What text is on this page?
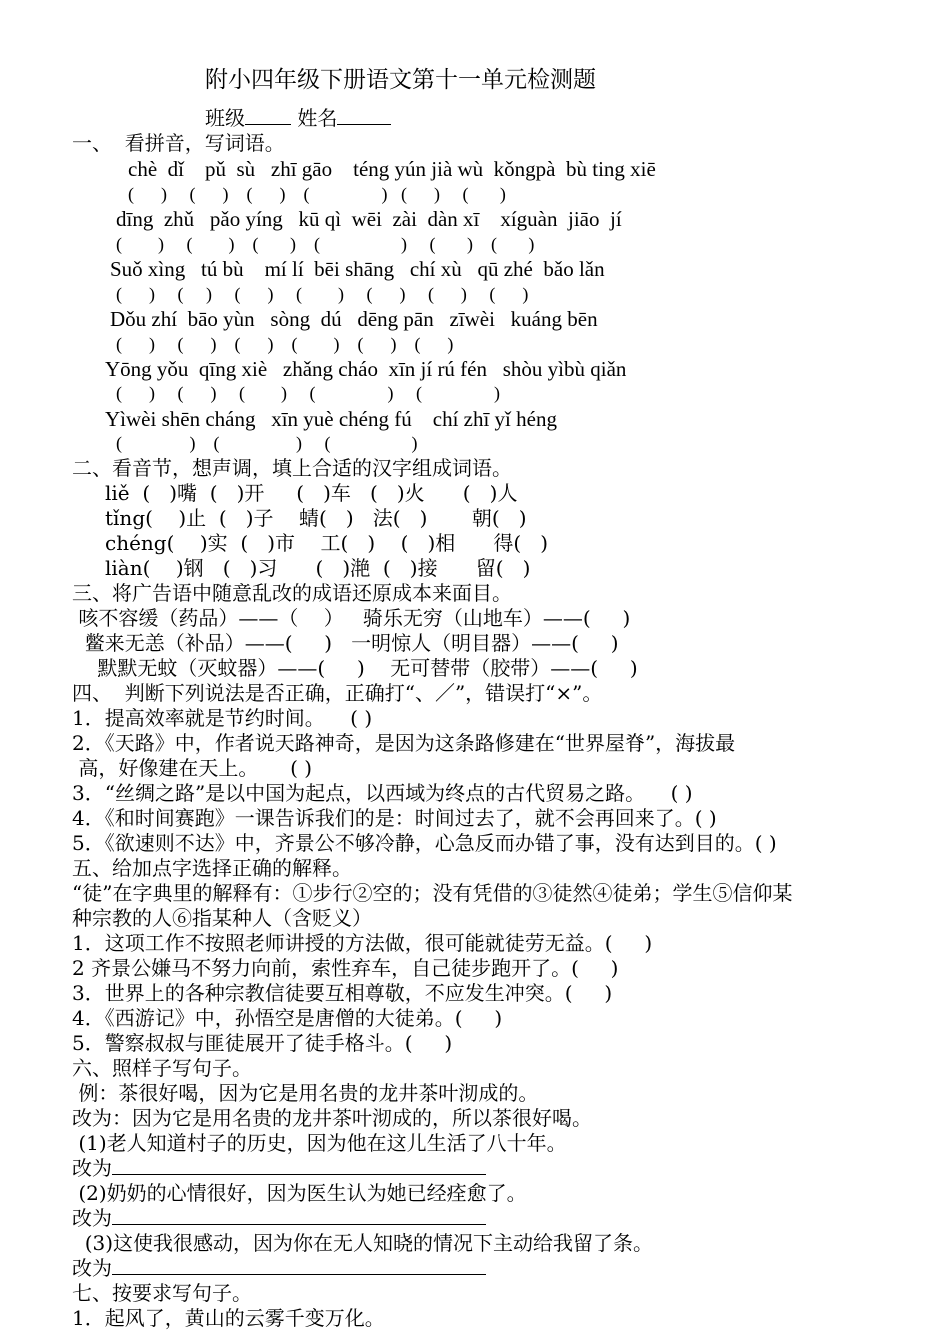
附小四年级下册语文第十一单元检测题
班级	姓名
一、  看拼音，写词语。
chè  dǐ    pǔ  sù   zhī gāo    téng yún jià wù  kǒngpà  bù ting xiē
(      )     (      )    (      )    (                )   (      )     (       )
dīng  zhǔ   pǎo yíng   kū qì  wēi  zài  dàn xī    xíguàn  jiāo  jí
(        )     (        )    (       )    (                  )     (       )    (       )
Suǒ xìng   tú bù    mí lí  bēi shāng   chí xù   qū zhé  bǎo lǎn
(      )     (     )     (      )     (        )     (      )     (      )     (      )
Dǒu zhí  bāo yùn   sòng  dú   dēng pān   zīwèi   kuáng bēn
(      )     (      )    (      )    (        )    (      )    (      )
Yōng yǒu  qīng xiè   zhǎng cháo  xīn jí rú fén   shòu yìbù qiǎn
(      )     (      )     (        )     (                )     (                )
Yìwèi shēn cháng   xīn yuè chéng fú    chí zhī yǐ héng
(               )    (                 )     (                  )
二、看音节，想声调，填上合适的汉字组成词语。
liě  (   )嘴  (   )开     (   )车   (   )火      (   )人
tǐng(    )止  (   )子    蜻(   )   法(   )       朝(   )
chéng(    )实  (   )市    工(   )    (   )相      得(   )
liàn(    )钢   (   )习      (   )滟  (   )接      留(   )
三、将广告语中随意乱改的成语还原成本来面目。
咳不容缓（药品）——（    ）   骑乐无穷（山地车）——(     )
鳖来无恙（补品）——(     )   一明惊人（明目器）——(     )
默默无蚊（灭蚊器）——(     )    无可替带（胶带）——(     )
四、  判断下列说法是否正确，正确打“、／”，错误打“×”。
1．提高效率就是节约时间。    ( )
2．《天路》中，作者说天路神奇，是因为这条路修建在“世界屋脊”，海拔最
高，好像建在天上。     ( )
3．“丝绸之路”是以中国为起点，以西域为终点的古代贸易之路。    ( )
4．《和时间赛跑》一课告诉我们的是：时间过去了，就不会再回来了。( )
5．《欲速则不达》中，齐景公不够冷静，心急反而办错了事，没有达到目的。( )
五、给加点字选择正确的解释。
“徒”在字典里的解释有：①步行②空的；没有凭借的③徒然④徒弟；学生⑤信仰某
种宗教的人⑥指某种人（含贬义）
1．这项工作不按照老师讲授的方法做，很可能就徒劳无益。(     )
2 齐景公嫌马不努力向前，索性弃车，自己徒步跑开了。(     )
3．世界上的各种宗教信徒要互相尊敬，不应发生冲突。(     )
4．《西游记》中，孙悟空是唐僧的大徒弟。(     )
5．警察叔叔与匪徒展开了徒手格斗。(     )
六、照样子写句子。
例：茶很好喝，因为它是用名贵的龙井茶叶沏成的。
改为：因为它是用名贵的龙井茶叶沏成的，所以茶很好喝。
(1)老人知道村子的历史，因为他在这儿生活了八十年。
改为
(2)奶奶的心情很好，因为医生认为她已经痊愈了。
改为
(3)这使我很感动，因为你在无人知晓的情况下主动给我留了条。
改为
七、按要求写句子。
1．起风了，黄山的云雾千变万化。
